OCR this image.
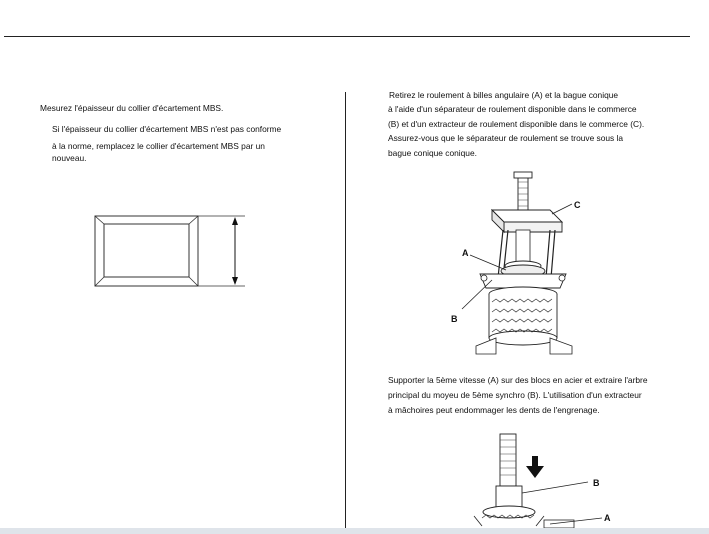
Mesurez l'épaisseur du collier d'écartement MBS.
Si l'épaisseur du collier d'écartement MBS n'est pas conforme
à la norme, remplacez le collier d'écartement MBS par un
nouveau.
Retirez le roulement à billes angulaire (A) et la bague conique
à l'aide d'un séparateur de roulement disponible dans le commerce
(B) et d'un extracteur de roulement disponible dans le commerce (C).
Assurez-vous que le séparateur de roulement se trouve sous la
bague conique conique.
A
B
C
Supporter la 5ème vitesse (A) sur des blocs en acier et extraire l'arbre
principal du moyeu de 5ème synchro (B). L'utilisation d'un extracteur
à mâchoires peut endommager les dents de l'engrenage.
B
A
